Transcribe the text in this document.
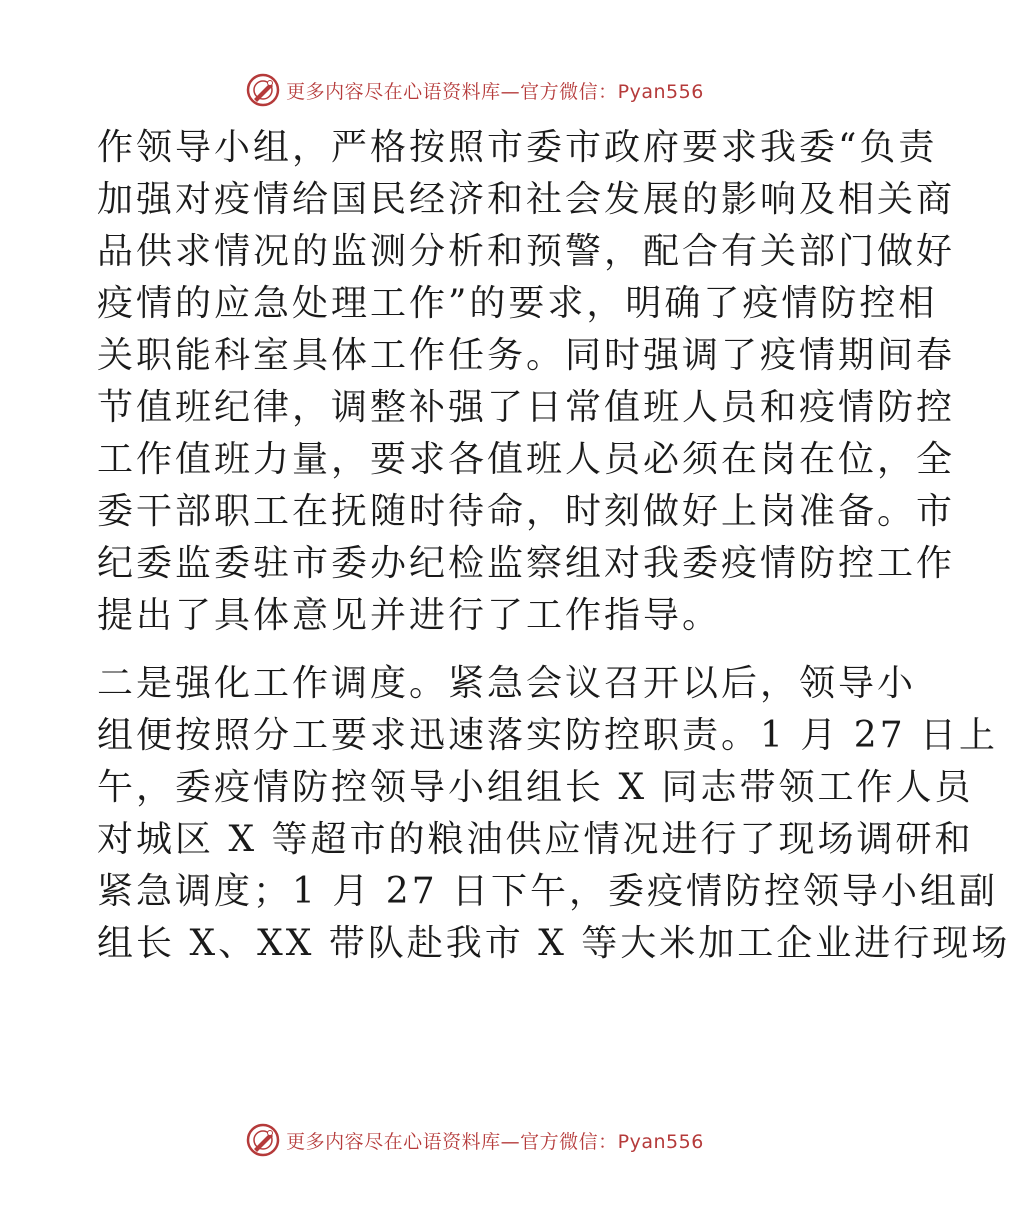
更多内容尽在心语资料库—官方微信：Pyan556
作领导小组，严格按照市委市政府要求我委“负责
加强对疫情给国民经济和社会发展的影响及相关商
品供求情况的监测分析和预警，配合有关部门做好
疫情的应急处理工作”的要求，明确了疫情防控相
关职能科室具体工作任务。同时强调了疫情期间春
节值班纪律，调整补强了日常值班人员和疫情防控
工作值班力量，要求各值班人员必须在岗在位，全
委干部职工在抚随时待命，时刻做好上岗准备。市
纪委监委驻市委办纪检监察组对我委疫情防控工作
提出了具体意见并进行了工作指导。
二是强化工作调度。紧急会议召开以后，领导小
组便按照分工要求迅速落实防控职责。1 月 27 日上
午，委疫情防控领导小组组长 X 同志带领工作人员
对城区 X 等超市的粮油供应情况进行了现场调研和
紧急调度；1 月 27 日下午，委疫情防控领导小组副
组长 X、XX 带队赴我市 X 等大米加工企业进行现场
更多内容尽在心语资料库—官方微信：Pyan556
